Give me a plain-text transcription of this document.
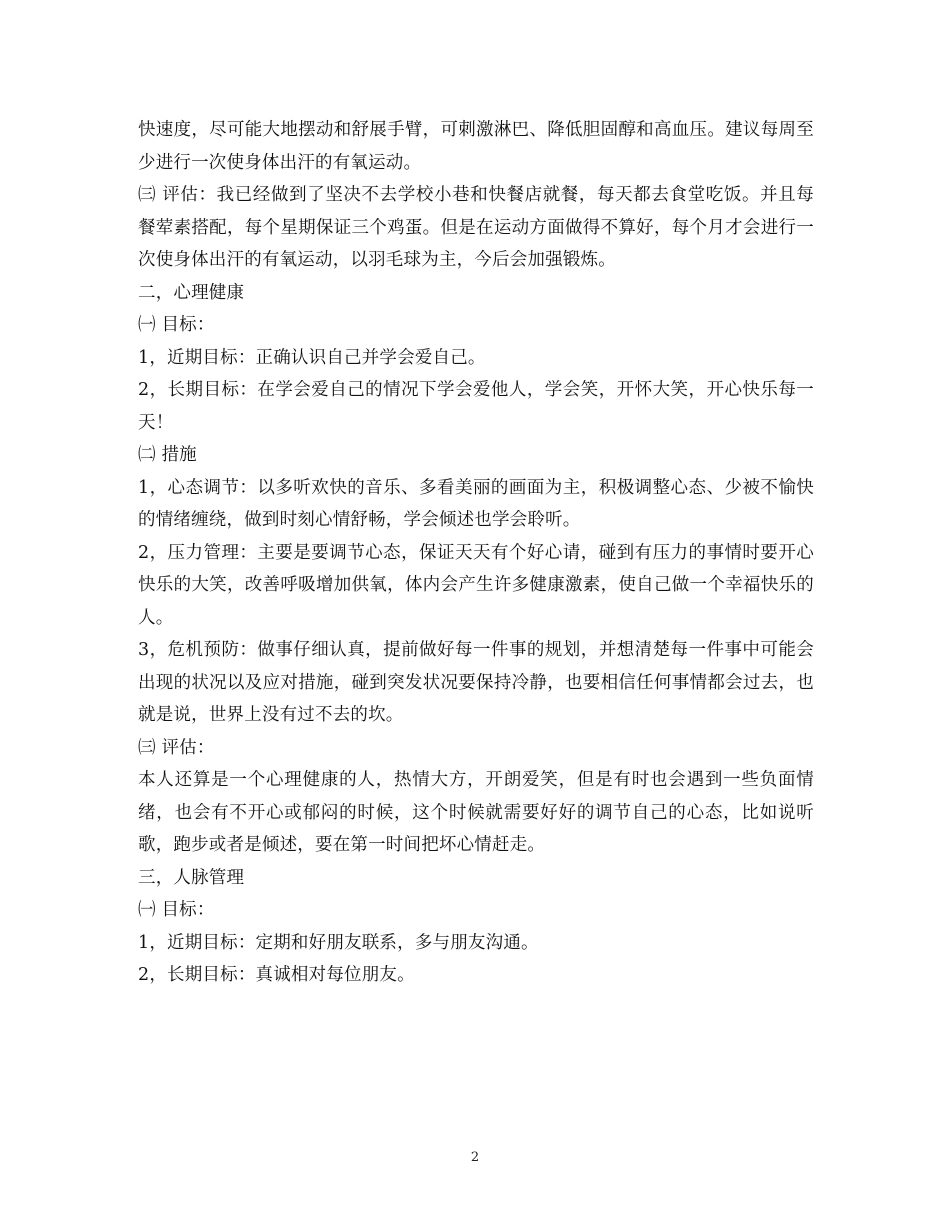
快速度，尽可能大地摆动和舒展手臂，可刺激淋巴、降低胆固醇和高血压。建议每周至少进行一次使身体出汗的有氧运动。

㈢ 评估：我已经做到了坚决不去学校小巷和快餐店就餐，每天都去食堂吃饭。并且每餐荤素搭配，每个星期保证三个鸡蛋。但是在运动方面做得不算好，每个月才会进行一次使身体出汗的有氧运动，以羽毛球为主，今后会加强锻炼。

二，心理健康

㈠ 目标：

1，近期目标：正确认识自己并学会爱自己。

2，长期目标：在学会爱自己的情况下学会爱他人，学会笑，开怀大笑，开心快乐每一天！

㈡ 措施

1，心态调节：以多听欢快的音乐、多看美丽的画面为主，积极调整心态、少被不愉快的情绪缠绕，做到时刻心情舒畅，学会倾述也学会聆听。

2，压力管理：主要是要调节心态，保证天天有个好心请，碰到有压力的事情时要开心快乐的大笑，改善呼吸增加供氧，体内会产生许多健康激素，使自己做一个幸福快乐的人。

3，危机预防：做事仔细认真，提前做好每一件事的规划，并想清楚每一件事中可能会出现的状况以及应对措施，碰到突发状况要保持冷静，也要相信任何事情都会过去，也就是说，世界上没有过不去的坎。

㈢ 评估：

本人还算是一个心理健康的人，热情大方，开朗爱笑，但是有时也会遇到一些负面情绪，也会有不开心或郁闷的时候，这个时候就需要好好的调节自己的心态，比如说听歌，跑步或者是倾述，要在第一时间把坏心情赶走。

三，人脉管理

㈠ 目标：

1，近期目标：定期和好朋友联系，多与朋友沟通。

2，长期目标：真诚相对每位朋友。

2
